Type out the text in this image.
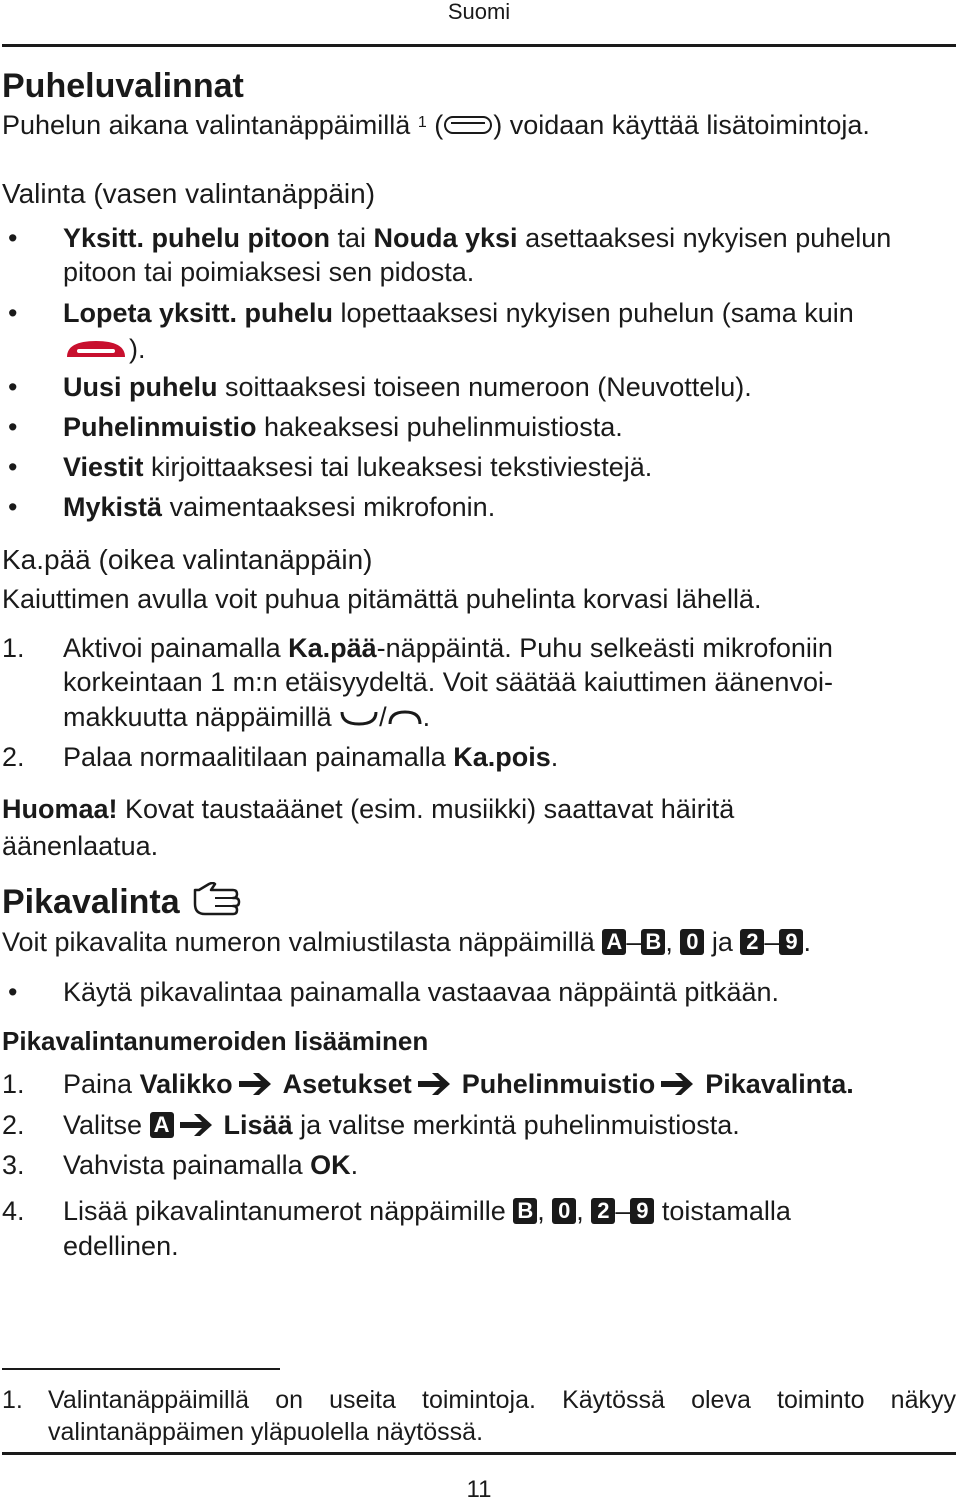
Suomi
Puheluvalinnat
Puhelun aikana valintanäppäimillä $^1$ ( ) voidaan käyttää lisätoimintoja.
Valinta (vasen valintanäppäin)
• Yksitt. puhelu pitoon tai Nouda yksi asettaaksesi nykyisen puhelun
pitoon tai poimiaksesi sen pidosta.
• Lopeta yksitt. puhelu lopettaaksesi nykyisen puhelun (sama kuin
).
• Uusi puhelu soittaaksesi toiseen numeroon (Neuvottelu).
• Puhelinmuistio hakeaksesi puhelinmuistiosta.
• Viestit kirjoittaaksesi tai lukeaksesi tekstiviestejä.
• Mykistä vaimentaaksesi mikrofonin.
Ka.pää (oikea valintanäppäin)
Kaiuttimen avulla voit puhua pitämättä puhelinta korvasi lähellä.
1. Aktivoi painamalla Ka.pää-näppäintä. Puhu selkeästi mikrofoniin
korkeintaan 1 m:n etäisyydeltä. Voit säätää kaiuttimen äänenvoi-
makkuutta näppäimillä / .
2. Palaa normaalitilaan painamalla Ka.pois.
Huomaa! Kovat taustaäänet (esim. musiikki) saattavat häiritä
äänenlaatua.
Pikavalinta
Voit pikavalita numeron valmiustilasta näppäimillä A – B , 0 ja 2 – 9 .
• Käytä pikavalintaa painamalla vastaavaa näppäintä pitkään.
Pikavalintanumeroiden lisääminen
1. Paina Valikko Asetukset Puhelinmuistio Pikavalinta.
2. Valitse A Lisää ja valitse merkintä puhelinmuistiosta.
3. Vahvista painamalla OK.
4. Lisää pikavalintanumerot näppäimille B , 0 , 2 – 9 toistamalla
edellinen.
1. Valintanäppäimillä on useita toimintoja. Käytössä oleva toiminto näkyy
valintanäppäimen yläpuolella näytössä.
11
